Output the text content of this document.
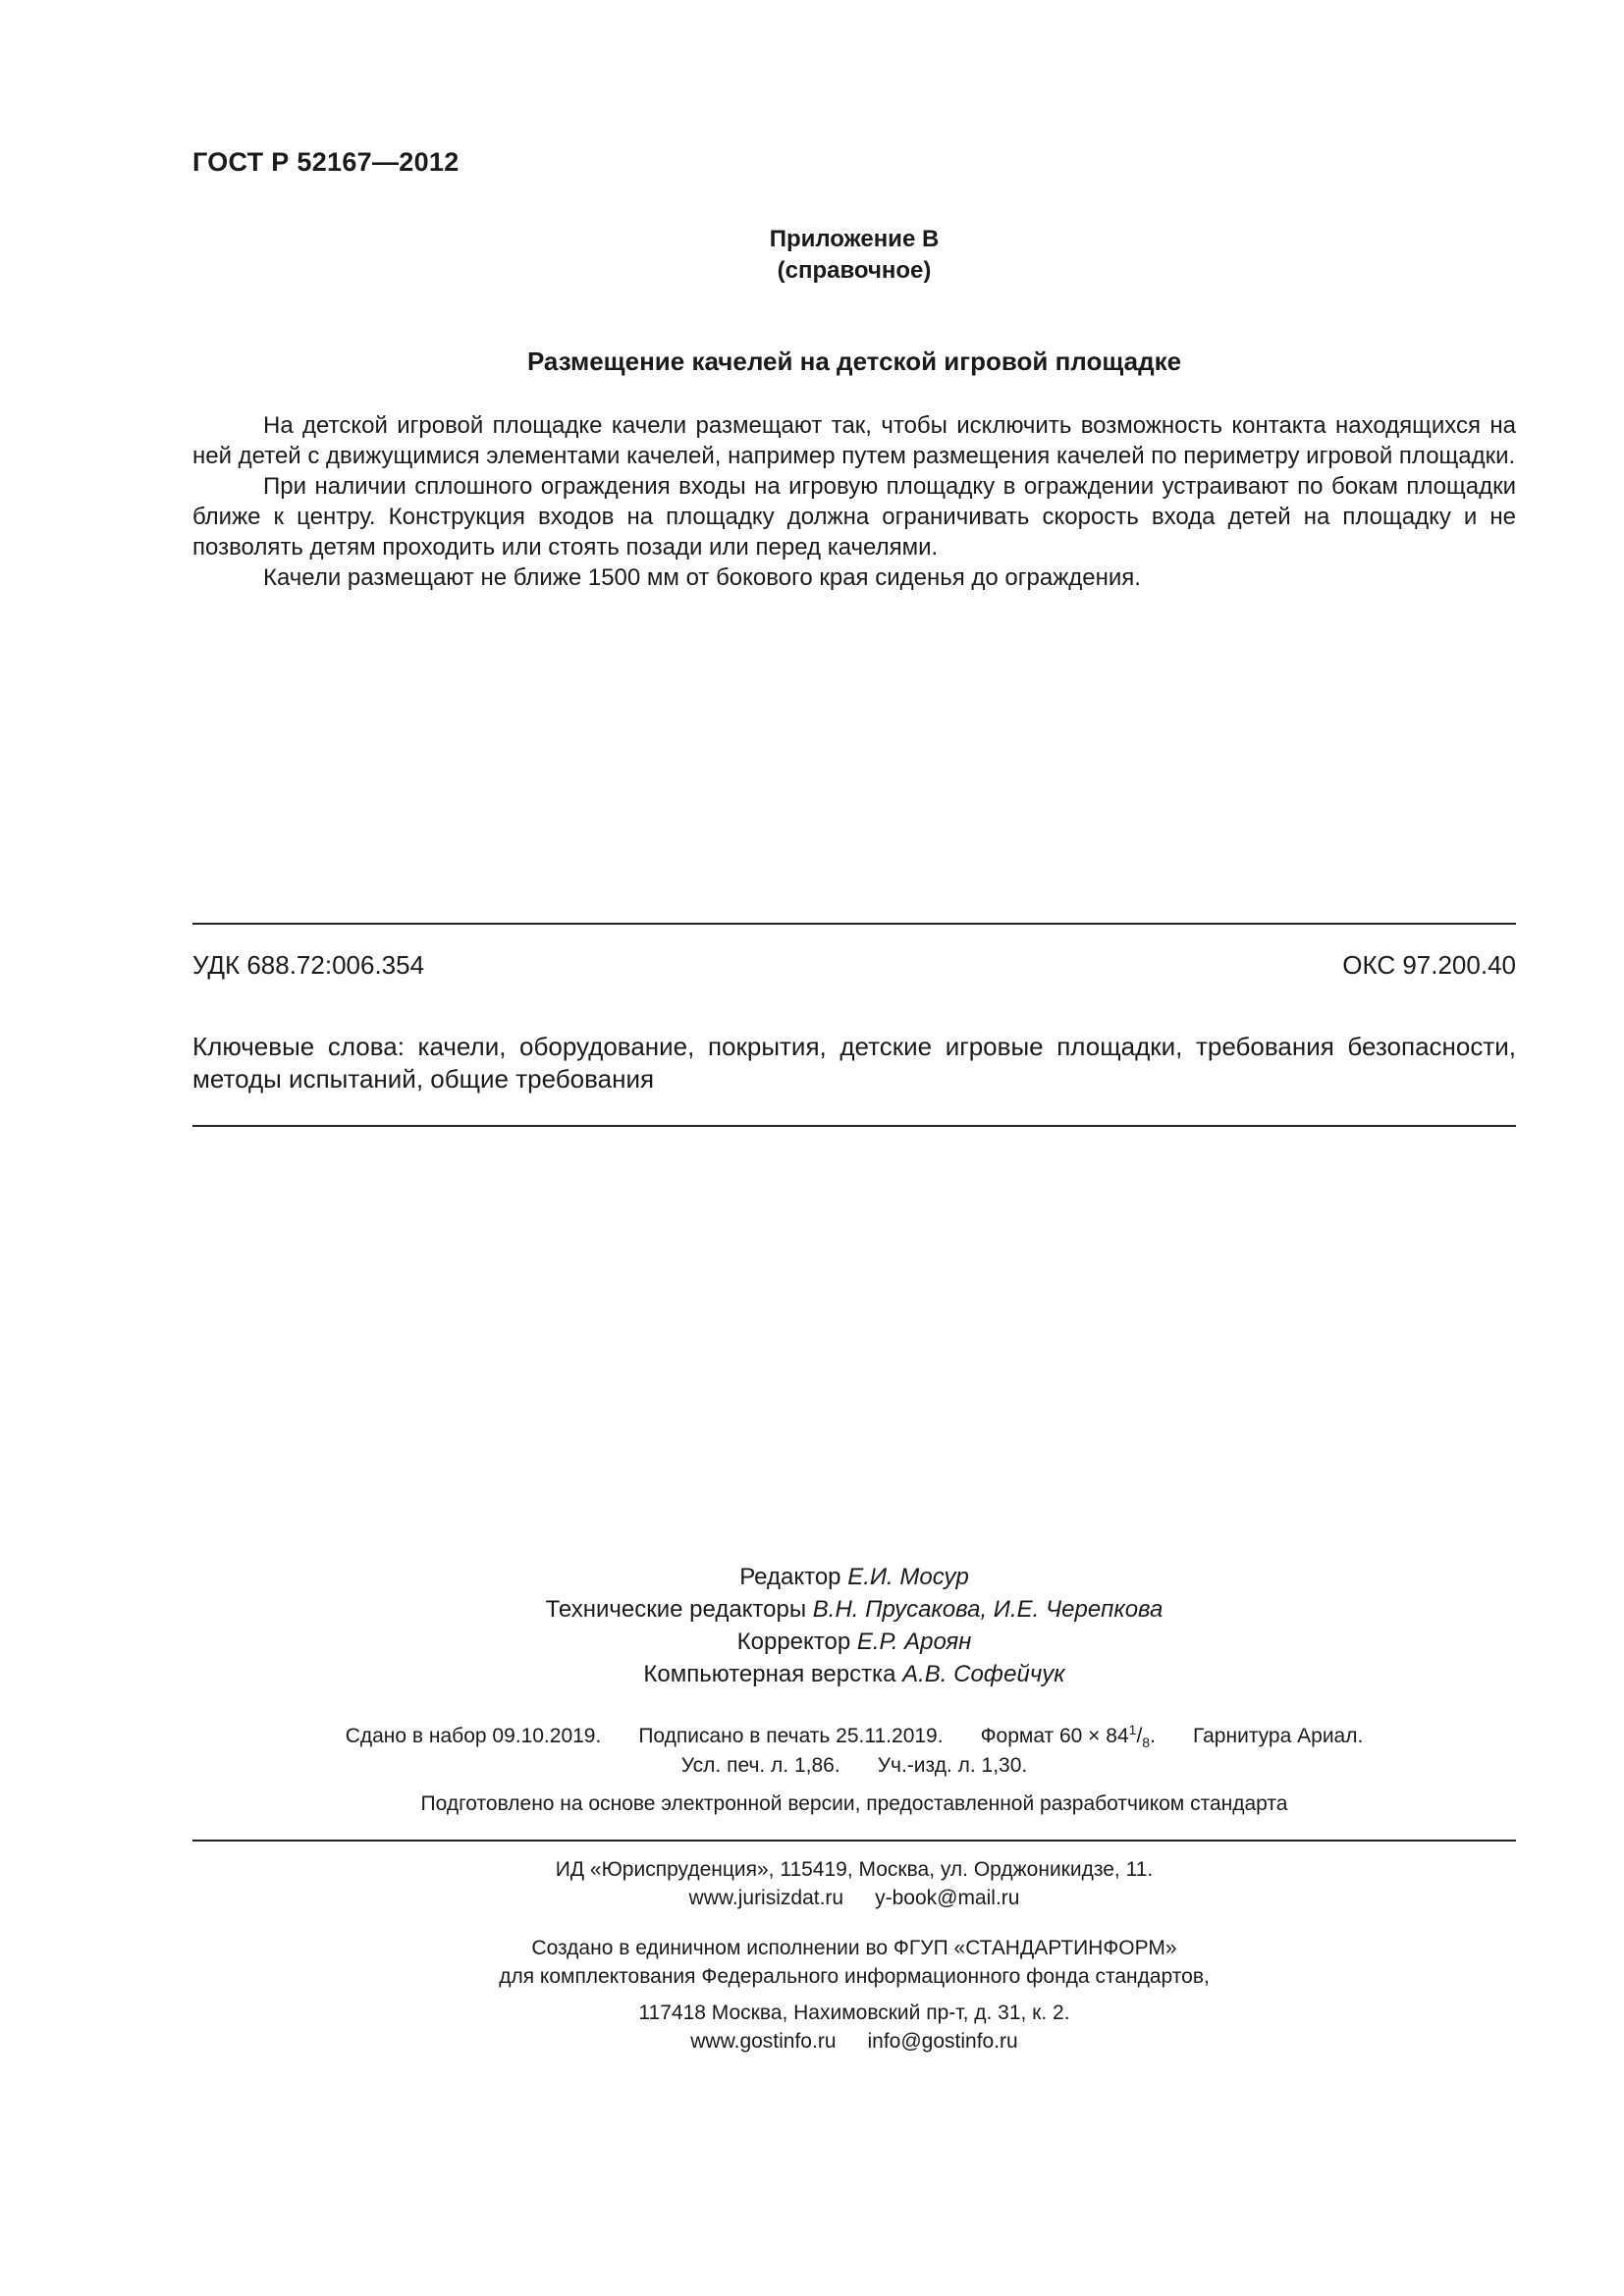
ГОСТ Р 52167—2012
Приложение В
(справочное)
Размещение качелей на детской игровой площадке

На детской игровой площадке качели размещают так, чтобы исключить возможность контакта находящихся на ней детей с движущимися элементами качелей, например путем размещения качелей по периметру игровой площадки.

При наличии сплошного ограждения входы на игровую площадку в ограждении устраивают по бокам площадки ближе к центру. Конструкция входов на площадку должна ограничивать скорость входа детей на площадку и не позволять детям проходить или стоять позади или перед качелями.

Качели размещают не ближе 1500 мм от бокового края сиденья до ограждения.

УДК 688.72:006.354	ОКС 97.200.40
Ключевые слова: качели, оборудование, покрытия, детские игровые площадки, требования безопасности, методы испытаний, общие требования
Редактор Е.И. Мосур
Технические редакторы В.Н. Прусакова, И.Е. Черепкова
Корректор Е.Р. Ароян
Компьютерная верстка А.В. Софейчук
Сдано в набор 09.10.2019. Подписано в печать 25.11.2019. Формат $60 \times 84^1/_8$. Гарнитура Ариал.
Усл. печ. л. 1,86. Уч.-изд. л. 1,30.
Подготовлено на основе электронной версии, предоставленной разработчиком стандарта
ИД «Юриспруденция», 115419, Москва, ул. Орджоникидзе, 11.
www.jurisizdat.ru y-book@mail.ru
Создано в единичном исполнении во ФГУП «СТАНДАРТИНФОРМ»
для комплектования Федерального информационного фонда стандартов,
117418 Москва, Нахимовский пр-т, д. 31, к. 2.
www.gostinfo.ru info@gostinfo.ru
